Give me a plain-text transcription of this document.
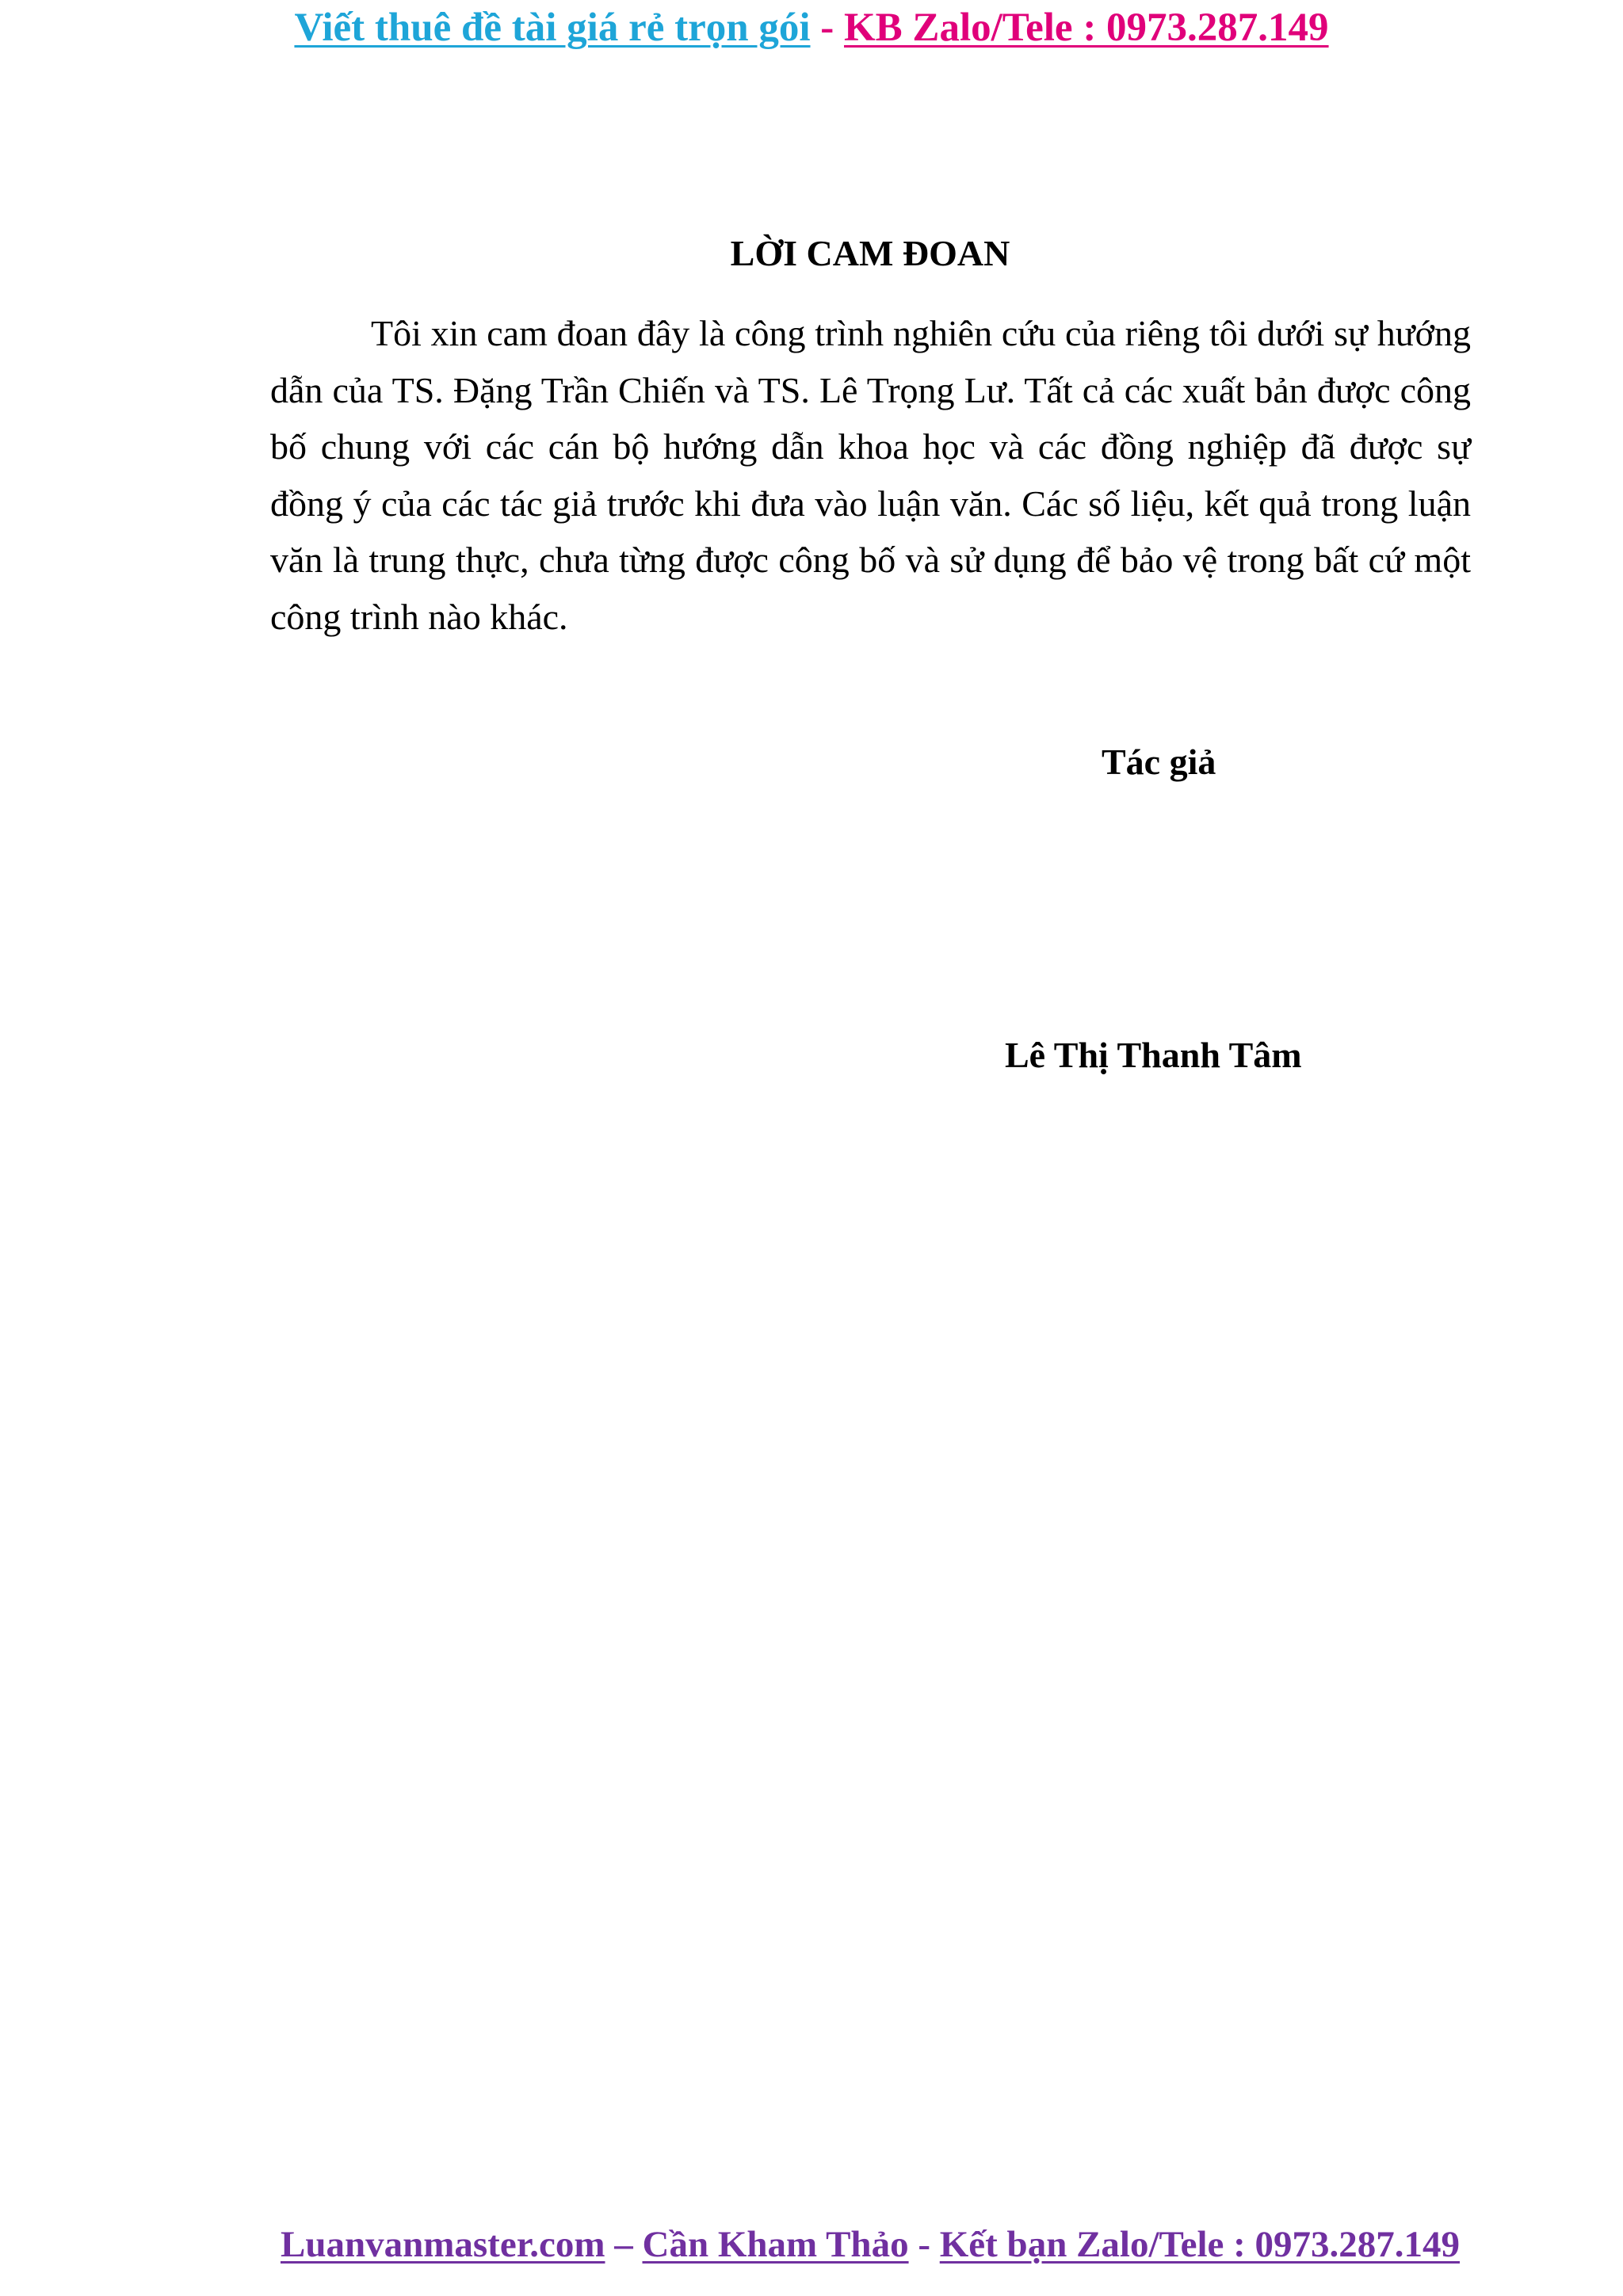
Viết thuê đề tài giá rẻ trọn gói - KB Zalo/Tele : 0973.287.149
LỜI CAM ĐOAN

Tôi xin cam đoan đây là công trình nghiên cứu của riêng tôi dưới sự hướng dẫn của TS. Đặng Trần Chiến và TS. Lê Trọng Lư. Tất cả các xuất bản được công bố chung với các cán bộ hướng dẫn khoa học và các đồng nghiệp đã được sự đồng ý của các tác giả trước khi đưa vào luận văn. Các số liệu, kết quả trong luận văn là trung thực, chưa từng được công bố và sử dụng để bảo vệ trong bất cứ một công trình nào khác.

Tác giả
Lê Thị Thanh Tâm
Luanvanmaster.com – Cần Kham Thảo - Kết bạn Zalo/Tele : 0973.287.149
